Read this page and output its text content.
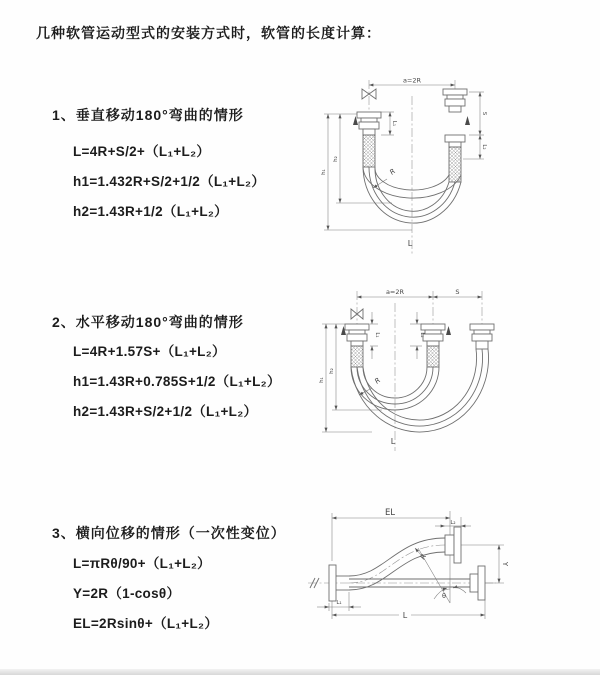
几种软管运动型式的安装方式时，软管的长度计算：
1、垂直移动180°弯曲的情形
L=4R+S/2+（L₁+L₂）
h1=1.432R+S/2+1/2（L₁+L₂）
h2=1.43R+1/2（L₁+L₂）
2、水平移动180°弯曲的情形
L=4R+1.57S+（L₁+L₂）
h1=1.43R+0.785S+1/2（L₁+L₂）
h2=1.43R+S/2+1/2（L₁+L₂）
3、横向位移的情形（一次性变位）
L=πRθ/90+（L₁+L₂）
Y=2R（1-cosθ）
EL=2Rsinθ+（L₁+L₂）
a=2R
S
L₂
h₁
h₂
L₁
R
L
a=2R	S
h₁
h₂
L₁	L₂
R
L
EL
L₂
Y
R
θ
L
L₁
